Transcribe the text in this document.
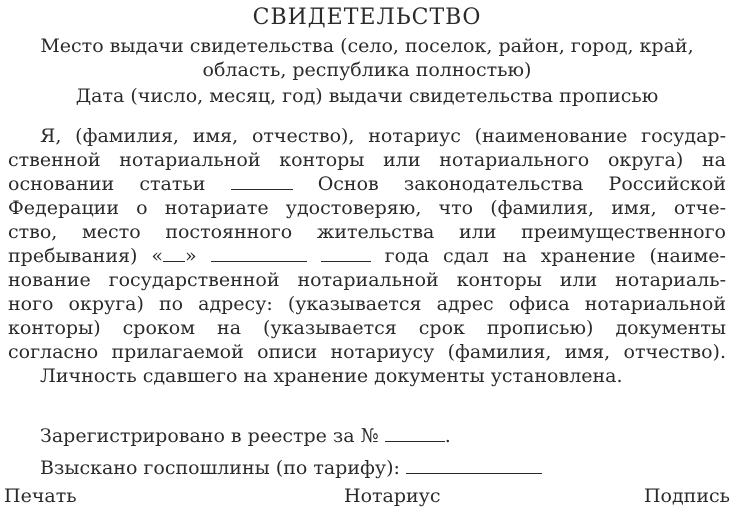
СВИДЕТЕЛЬСТВО
Место выдачи свидетельства (село, поселок, район, город, край,
область, республика полностью)
Дата (число, месяц, год) выдачи свидетельства прописью
Я, (фамилия, имя, отчество), нотариус (наименование государ-
ственной нотариальной конторы или нотариального округа) на
основании статьи	Основ законодательства Российской
Федерации о нотариате удостоверяю, что (фамилия, имя, отче-
ство, место постоянного жительства или преимущественного
пребывания) « »	года сдал на хранение (наиме-
нование государственной нотариальной конторы или нотариаль-
ного округа) по адресу: (указывается адрес офиса нотариальной
конторы) сроком на (указывается срок прописью) документы
согласно прилагаемой описи нотариусу (фамилия, имя, отчество).
Личность сдавшего на хранение документы установлена.
Зарегистрировано в реестре за №	.
Взыскано госпошлины (по тарифу):
Печать	Нотариус	Подпись
